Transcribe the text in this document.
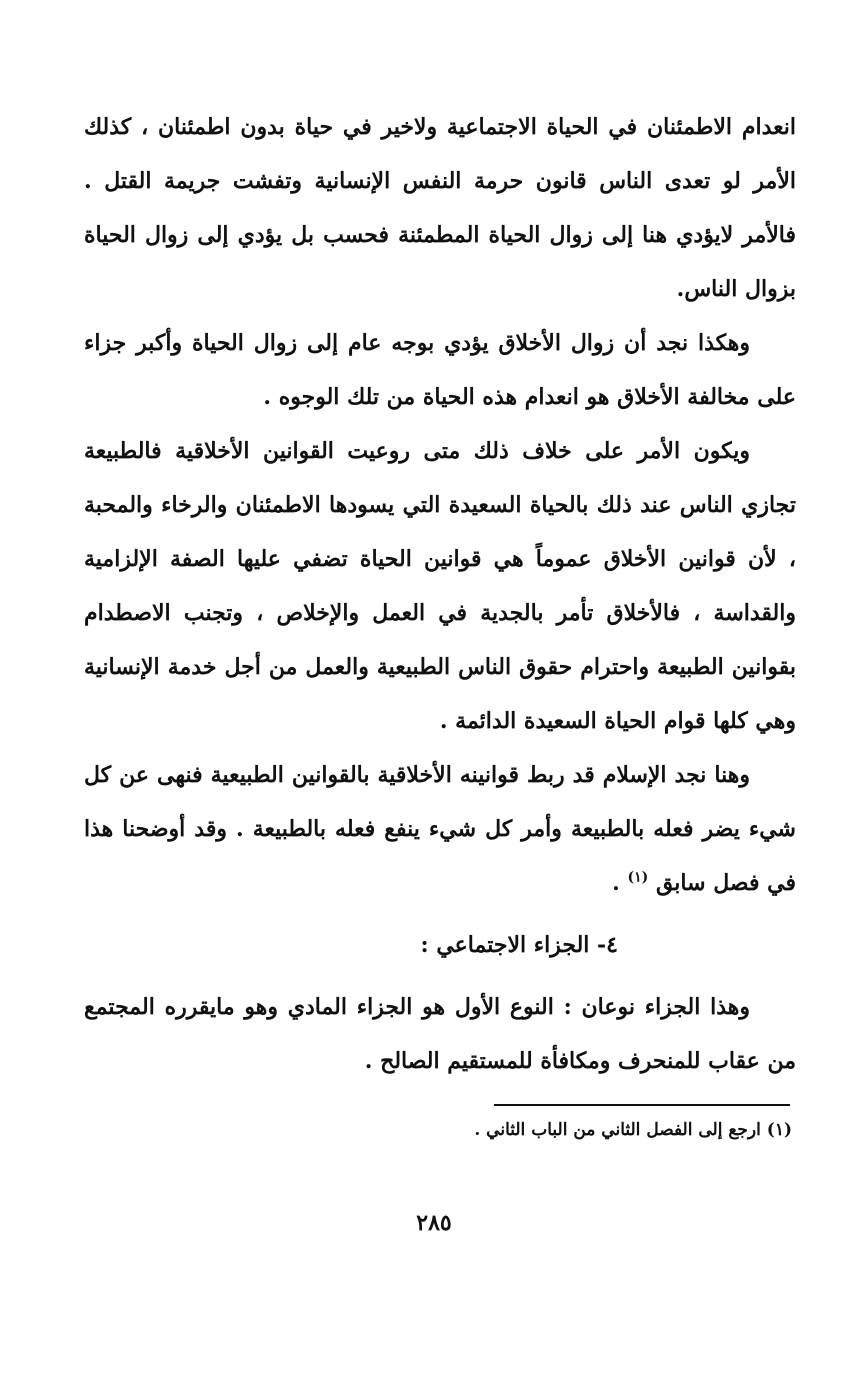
انعدام الاطمئنان في الحياة الاجتماعية ولاخير في حياة بدون اطمئنان ، كذلك الأمر لو تعدى الناس قانون حرمة النفس الإنسانية وتفشت جريمة القتل . فالأمر لايؤدي هنا إلى زوال الحياة المطمئنة فحسب بل يؤدي إلى زوال الحياة بزوال الناس.

وهكذا نجد أن زوال الأخلاق يؤدي بوجه عام إلى زوال الحياة وأكبر جزاء على مخالفة الأخلاق هو انعدام هذه الحياة من تلك الوجوه .

ويكون الأمر على خلاف ذلك متى روعيت القوانين الأخلاقية فالطبيعة تجازي الناس عند ذلك بالحياة السعيدة التي يسودها الاطمئنان والرخاء والمحبة ، لأن قوانين الأخلاق عموماً هي قوانين الحياة تضفي عليها الصفة الإلزامية والقداسة ، فالأخلاق تأمر بالجدية في العمل والإخلاص ، وتجنب الاصطدام بقوانين الطبيعة واحترام حقوق الناس الطبيعية والعمل من أجل خدمة الإنسانية وهي كلها قوام الحياة السعيدة الدائمة .

وهنا نجد الإسلام قد ربط قوانينه الأخلاقية بالقوانين الطبيعية فنهى عن كل شيء يضر فعله بالطبيعة وأمر كل شيء ينفع فعله بالطبيعة . وقد أوضحنا هذا في فصل سابق $^{(١)}$ .

٤- الجزاء الاجتماعي :

وهذا الجزاء نوعان : النوع الأول هو الجزاء المادي وهو مايقرره المجتمع من عقاب للمنحرف ومكافأة للمستقيم الصالح .

(١) ارجع إلى الفصل الثاني من الباب الثاني .

٢٨٥
